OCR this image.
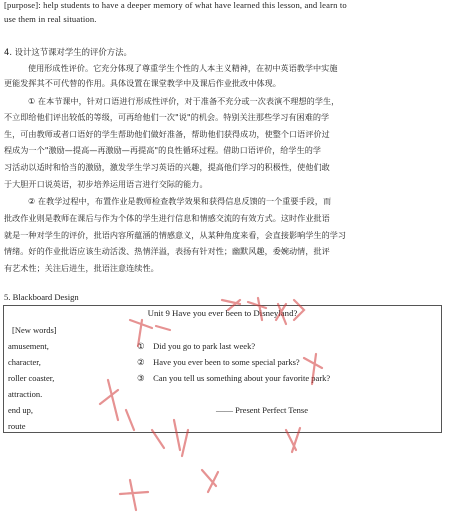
[purpose]: help students to have a deeper memory of what have learned this lesson, and learn to
use them in real situation.
4. 设计这节课对学生的评价方法。
使用形成性评价。它充分体现了尊重学生个性的人本主义精神，在初中英语教学中实施
更能发挥其不可代替的作用。具体设置在课堂教学中及课后作业批改中体现。
① 在本节课中，针对口语进行形成性评价，对于准备不充分或一次表演不理想的学生，
不立即给他们评出较低的等级，可再给他们一次"说"的机会。特别关注那些学习有困难的学
生，可由教师或者口语好的学生帮助他们做好准备，帮助他们获得成功，使整个口语评价过
程成为一个"激励—提高—再激励—再提高"的良性循环过程。借助口语评价，给学生的学
习活动以适时和恰当的激励，激发学生学习英语的兴趣，提高他们学习的积极性，使他们敢
于大胆开口说英语，初步培养运用语言进行交际的能力。
② 在教学过程中，布置作业是教师检查教学效果和获得信息反馈的一个重要手段，而
批改作业则是教师在课后与作为个体的学生进行信息和情感交流的有效方式。这时作业批语
就是一种对学生的评价，批语内容所蕴涵的情感意义，从某种角度来看，会直接影响学生的学习
情绪。好的作业批语应该生动活泼、热情洋溢，表扬有针对性；幽默风趣，委婉动情，批评
有艺术性；关注后进生，批语注意连续性。
5. Blackboard Design
Unit 9 Have you ever been to Disneyland?
[New words]
amusement,
character,
roller coaster,
attraction.
end up,
route
① Did you go to park last week?
② Have you ever been to some special parks?
③ Can you tell us something about your favorite park?
—— Present Perfect Tense
